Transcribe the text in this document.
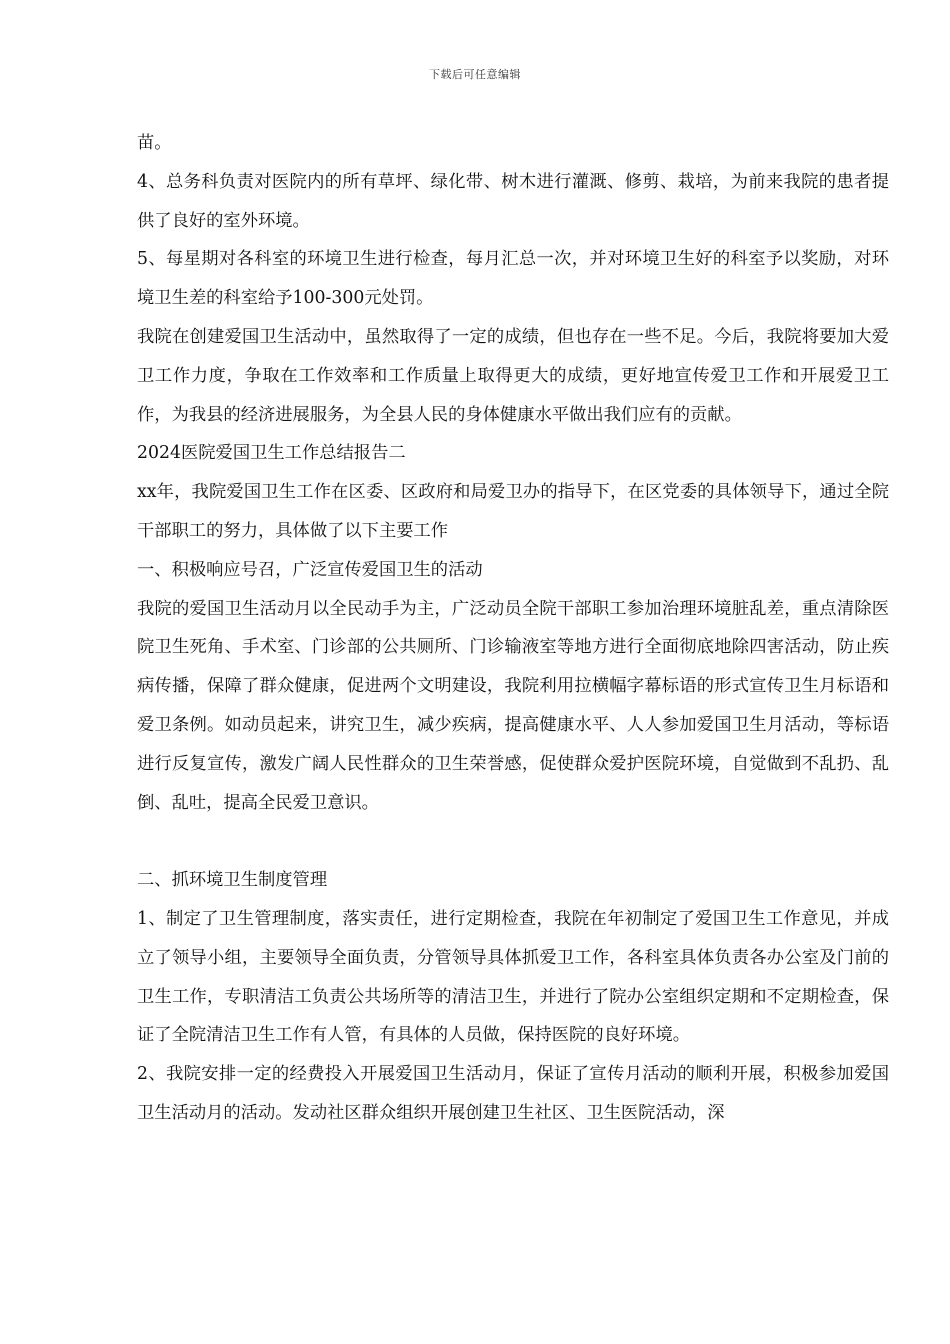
下载后可任意编辑

苗。

4、总务科负责对医院内的所有草坪、绿化带、树木进行灌溉、修剪、栽培，为前来我院的患者提供了良好的室外环境。

5、每星期对各科室的环境卫生进行检查，每月汇总一次，并对环境卫生好的科室予以奖励，对环境卫生差的科室给予100-300元处罚。

我院在创建爱国卫生活动中，虽然取得了一定的成绩，但也存在一些不足。今后，我院将要加大爱卫工作力度，争取在工作效率和工作质量上取得更大的成绩，更好地宣传爱卫工作和开展爱卫工作，为我县的经济进展服务，为全县人民的身体健康水平做出我们应有的贡献。

2024医院爱国卫生工作总结报告二

xx年，我院爱国卫生工作在区委、区政府和局爱卫办的指导下，在区党委的具体领导下，通过全院干部职工的努力，具体做了以下主要工作

一、积极响应号召，广泛宣传爱国卫生的活动

我院的爱国卫生活动月以全民动手为主，广泛动员全院干部职工参加治理环境脏乱差，重点清除医院卫生死角、手术室、门诊部的公共厕所、门诊输液室等地方进行全面彻底地除四害活动，防止疾病传播，保障了群众健康，促进两个文明建设，我院利用拉横幅字幕标语的形式宣传卫生月标语和爱卫条例。如动员起来，讲究卫生，减少疾病，提高健康水平、人人参加爱国卫生月活动，等标语进行反复宣传，激发广阔人民性群众的卫生荣誉感，促使群众爱护医院环境，自觉做到不乱扔、乱倒、乱吐，提高全民爱卫意识。

二、抓环境卫生制度管理

1、制定了卫生管理制度，落实责任，进行定期检查，我院在年初制定了爱国卫生工作意见，并成立了领导小组，主要领导全面负责，分管领导具体抓爱卫工作，各科室具体负责各办公室及门前的卫生工作，专职清洁工负责公共场所等的清洁卫生，并进行了院办公室组织定期和不定期检查，保证了全院清洁卫生工作有人管，有具体的人员做，保持医院的良好环境。

2、我院安排一定的经费投入开展爱国卫生活动月，保证了宣传月活动的顺利开展，积极参加爱国卫生活动月的活动。发动社区群众组织开展创建卫生社区、卫生医院活动，深
